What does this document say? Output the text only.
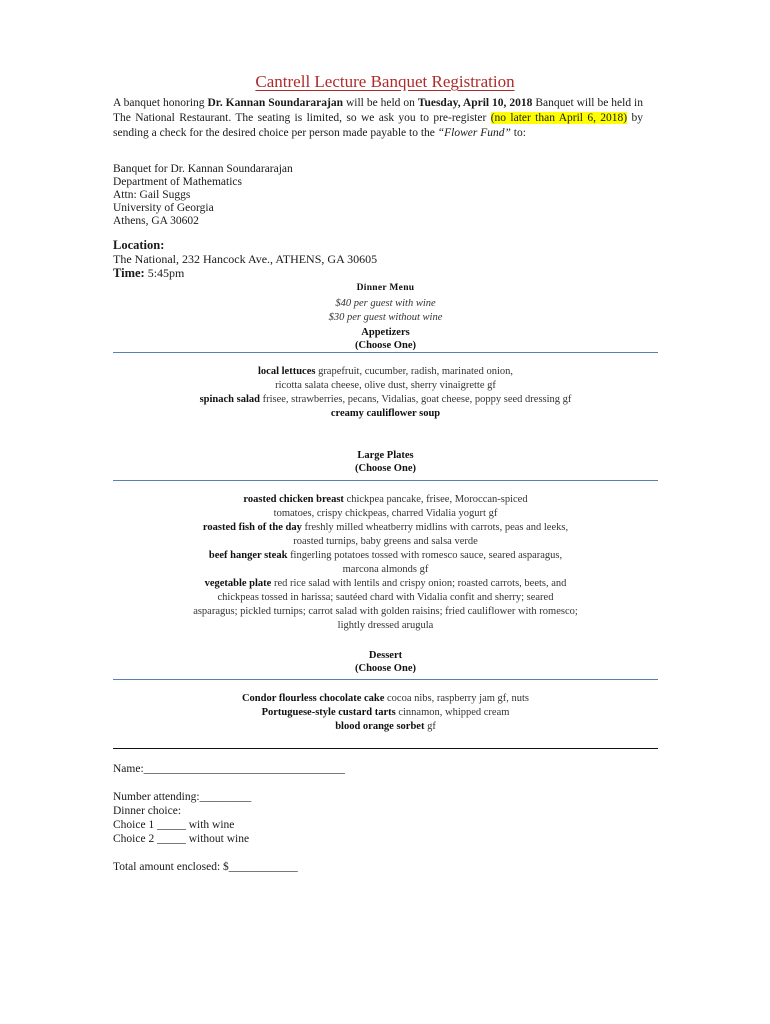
Cantrell Lecture Banquet Registration
A banquet honoring Dr. Kannan Soundararajan will be held on Tuesday, April 10, 2018 Banquet will be held in The National Restaurant. The seating is limited, so we ask you to pre-register (no later than April 6, 2018) by sending a check for the desired choice per person made payable to the “Flower Fund” to:
Banquet for Dr. Kannan Soundararajan
Department of Mathematics
Attn: Gail Suggs
University of Georgia
Athens, GA 30602
Location:
The National, 232 Hancock Ave., ATHENS, GA 30605
Time: 5:45pm
Dinner Menu
$40 per guest with wine
$30 per guest without wine
Appetizers
(Choose One)
local lettuces grapefruit, cucumber, radish, marinated onion,
ricotta salata cheese, olive dust, sherry vinaigrette gf
spinach salad frisee, strawberries, pecans, Vidalias, goat cheese, poppy seed dressing gf
creamy cauliflower soup
Large Plates
(Choose One)
roasted chicken breast chickpea pancake, frisee, Moroccan-spiced
tomatoes, crispy chickpeas, charred Vidalia yogurt gf
roasted fish of the day freshly milled wheatberry midlins with carrots, peas and leeks,
roasted turnips, baby greens and salsa verde
beef hanger steak fingerling potatoes tossed with romesco sauce, seared asparagus,
marcona almonds gf
vegetable plate red rice salad with lentils and crispy onion; roasted carrots, beets, and
chickpeas tossed in harissa; sautéed chard with Vidalia confit and sherry; seared
asparagus; pickled turnips; carrot salad with golden raisins; fried cauliflower with romesco;
lightly dressed arugula
Dessert
(Choose One)
Condor flourless chocolate cake cocoa nibs, raspberry jam gf, nuts
Portuguese-style custard tarts cinnamon, whipped cream
blood orange sorbet gf
Name:___________________________________
Number attending:_________
Dinner choice:
Choice 1 _____ with wine
Choice 2 _____ without wine
Total amount enclosed: $____________
